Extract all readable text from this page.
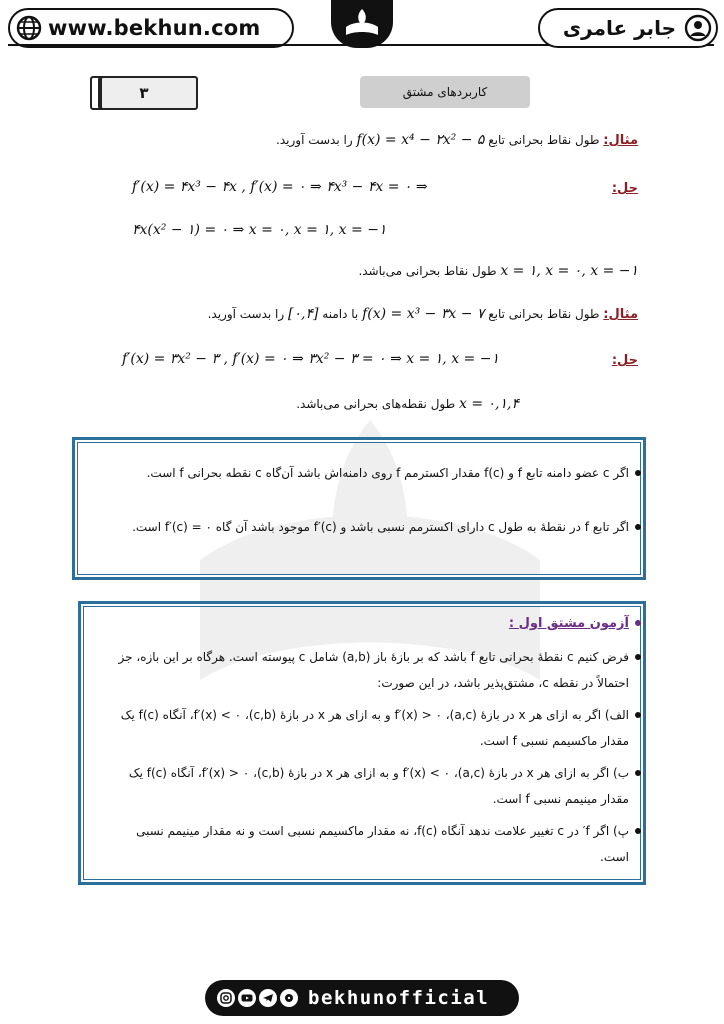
www.bekhun.com	جابر عامری
۳	کاربردهای مشتق
مثال: طول نقاط بحرانی تابع f(x) = x⁴ − ۲x² − ۵ را بدست آورید.
حل:
f′(x) = ۴x³ − ۴x , f′(x) = ۰ ⇒ ۴x³ − ۴x = ۰ ⇒
۴x(x² − ۱) = ۰ ⇒ x = ۰, x = ۱, x = −۱
x = ۱, x = ۰, x = −۱ طول نقاط بحرانی می‌باشد.
مثال: طول نقاط بحرانی تابع f(x) = x³ − ۳x − ۷ با دامنه [۰,۴] را بدست آورید.
حل:
f′(x) = ۳x² − ۳ , f′(x) = ۰ ⇒ ۳x² − ۳ = ۰ ⇒ x = ۱, x = −۱
x = ۰,۱,۴ طول نقطه‌های بحرانی می‌باشد.
اگر c عضو دامنه تابع f و f(c) مقدار اکسترمم f روی دامنه‌اش باشد آن‌گاه c نقطه بحرانی f است.
اگر تابع f در نقطهٔ به طول c دارای اکسترمم نسبی باشد و f′(c) موجود باشد آن گاه f′(c) = ۰ است.
آزمون مشتق اول :
فرض کنیم c نقطهٔ بحرانی تابع f باشد که بر بازهٔ باز (a,b) شامل c پیوسته است. هرگاه بر این بازه، جز احتمالاً در نقطه c، مشتق‌پذیر باشد، در این صورت:
الف) اگر به ازای هر x در بازهٔ (a,c)، f′(x) > ۰ و به ازای هر x در بازهٔ (c,b)، f′(x) < ۰، آنگاه f(c) یک مقدار ماکسیمم نسبی f است.
ب) اگر به ازای هر x در بازهٔ (a,c)، f′(x) < ۰ و به ازای هر x در بازهٔ (c,b)، f′(x) > ۰، آنگاه f(c) یک مقدار مینیمم نسبی f است.
پ) اگر f′ در c تغییر علامت ندهد آنگاه f(c)، نه مقدار ماکسیمم نسبی است و نه مقدار مینیمم نسبی است.
bekhunofficial
